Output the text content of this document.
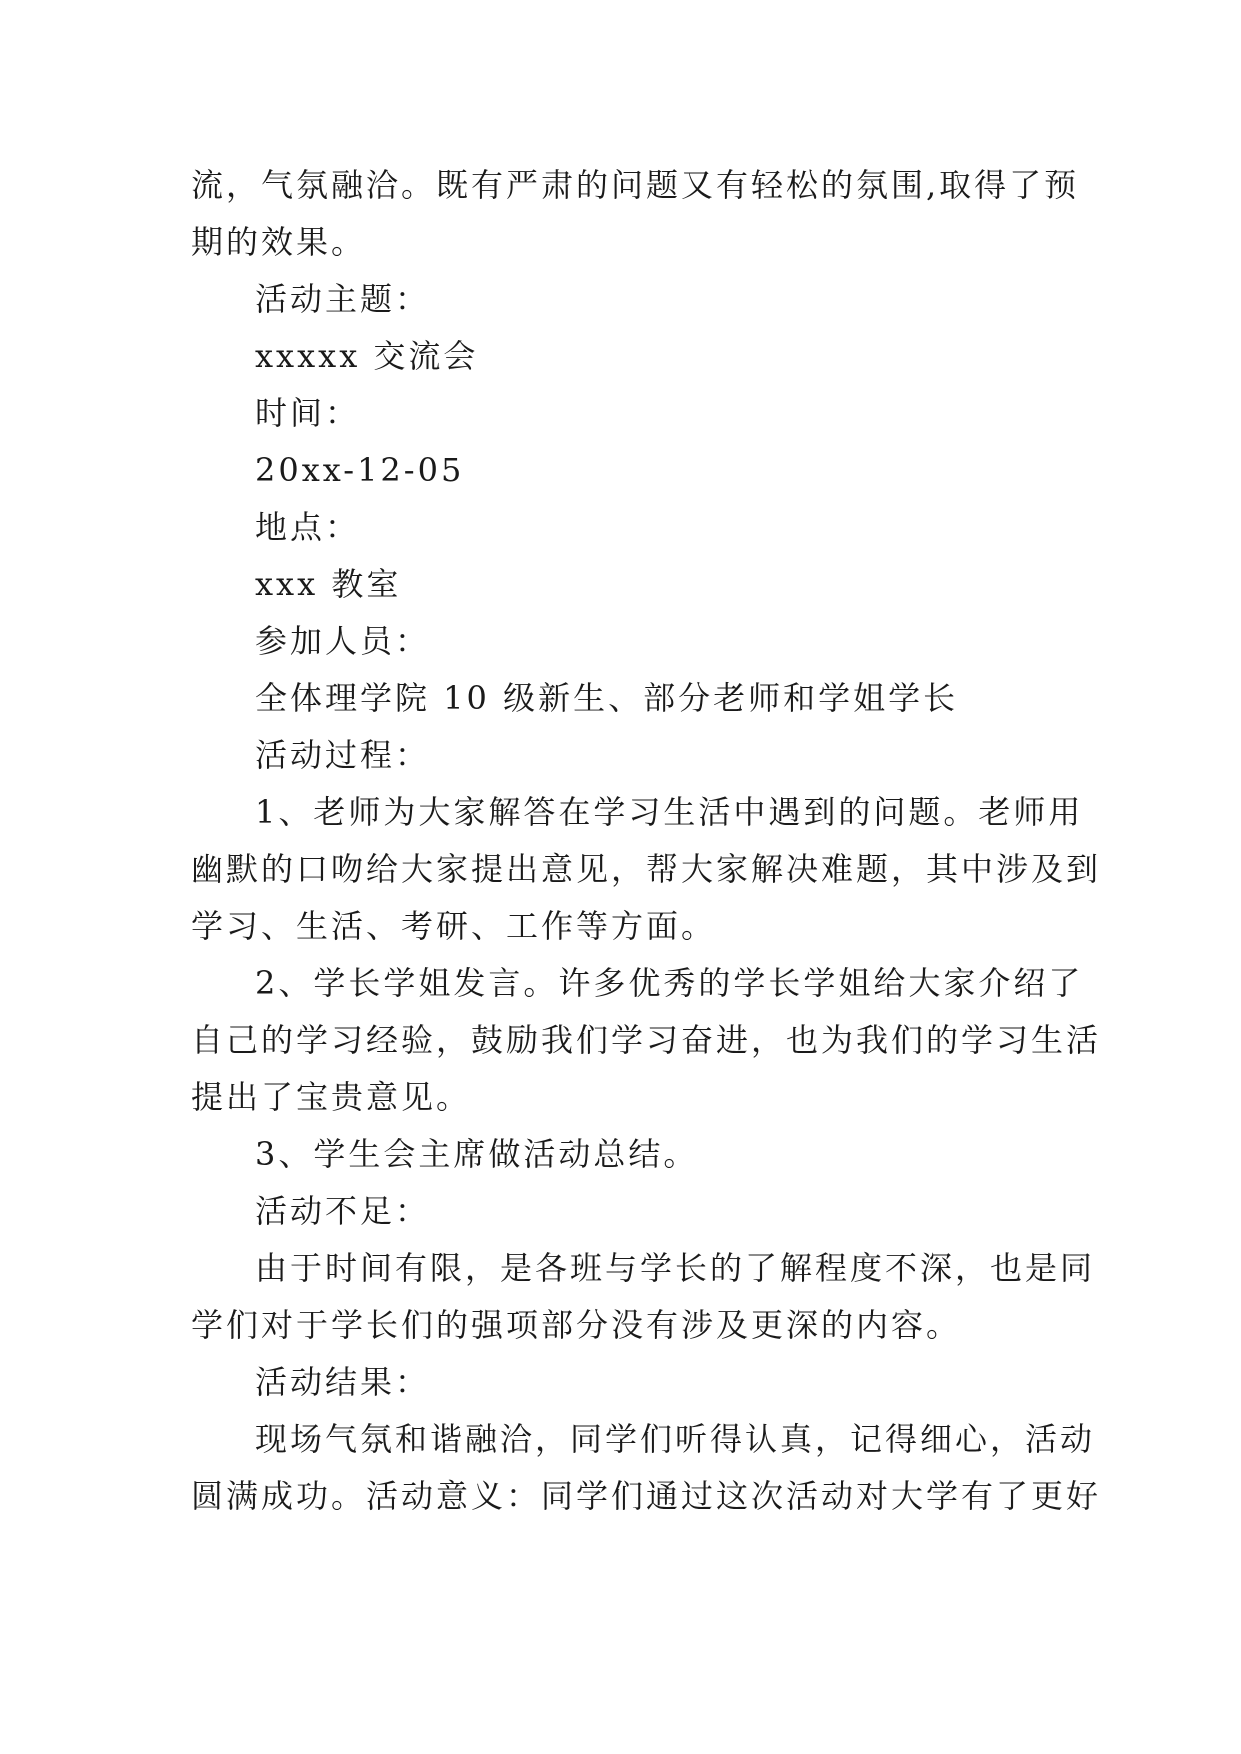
流，气氛融洽。既有严肃的问题又有轻松的氛围,取得了预
期的效果。
活动主题：
xxxxx 交流会
时间：
20xx-12-05
地点：
xxx 教室
参加人员：
全体理学院 10 级新生、部分老师和学姐学长
活动过程：
1、老师为大家解答在学习生活中遇到的问题。老师用
幽默的口吻给大家提出意见，帮大家解决难题，其中涉及到
学习、生活、考研、工作等方面。
2、学长学姐发言。许多优秀的学长学姐给大家介绍了
自己的学习经验，鼓励我们学习奋进，也为我们的学习生活
提出了宝贵意见。
3、学生会主席做活动总结。
活动不足：
由于时间有限，是各班与学长的了解程度不深，也是同
学们对于学长们的强项部分没有涉及更深的内容。
活动结果：
现场气氛和谐融洽，同学们听得认真，记得细心，活动
圆满成功。活动意义：同学们通过这次活动对大学有了更好
